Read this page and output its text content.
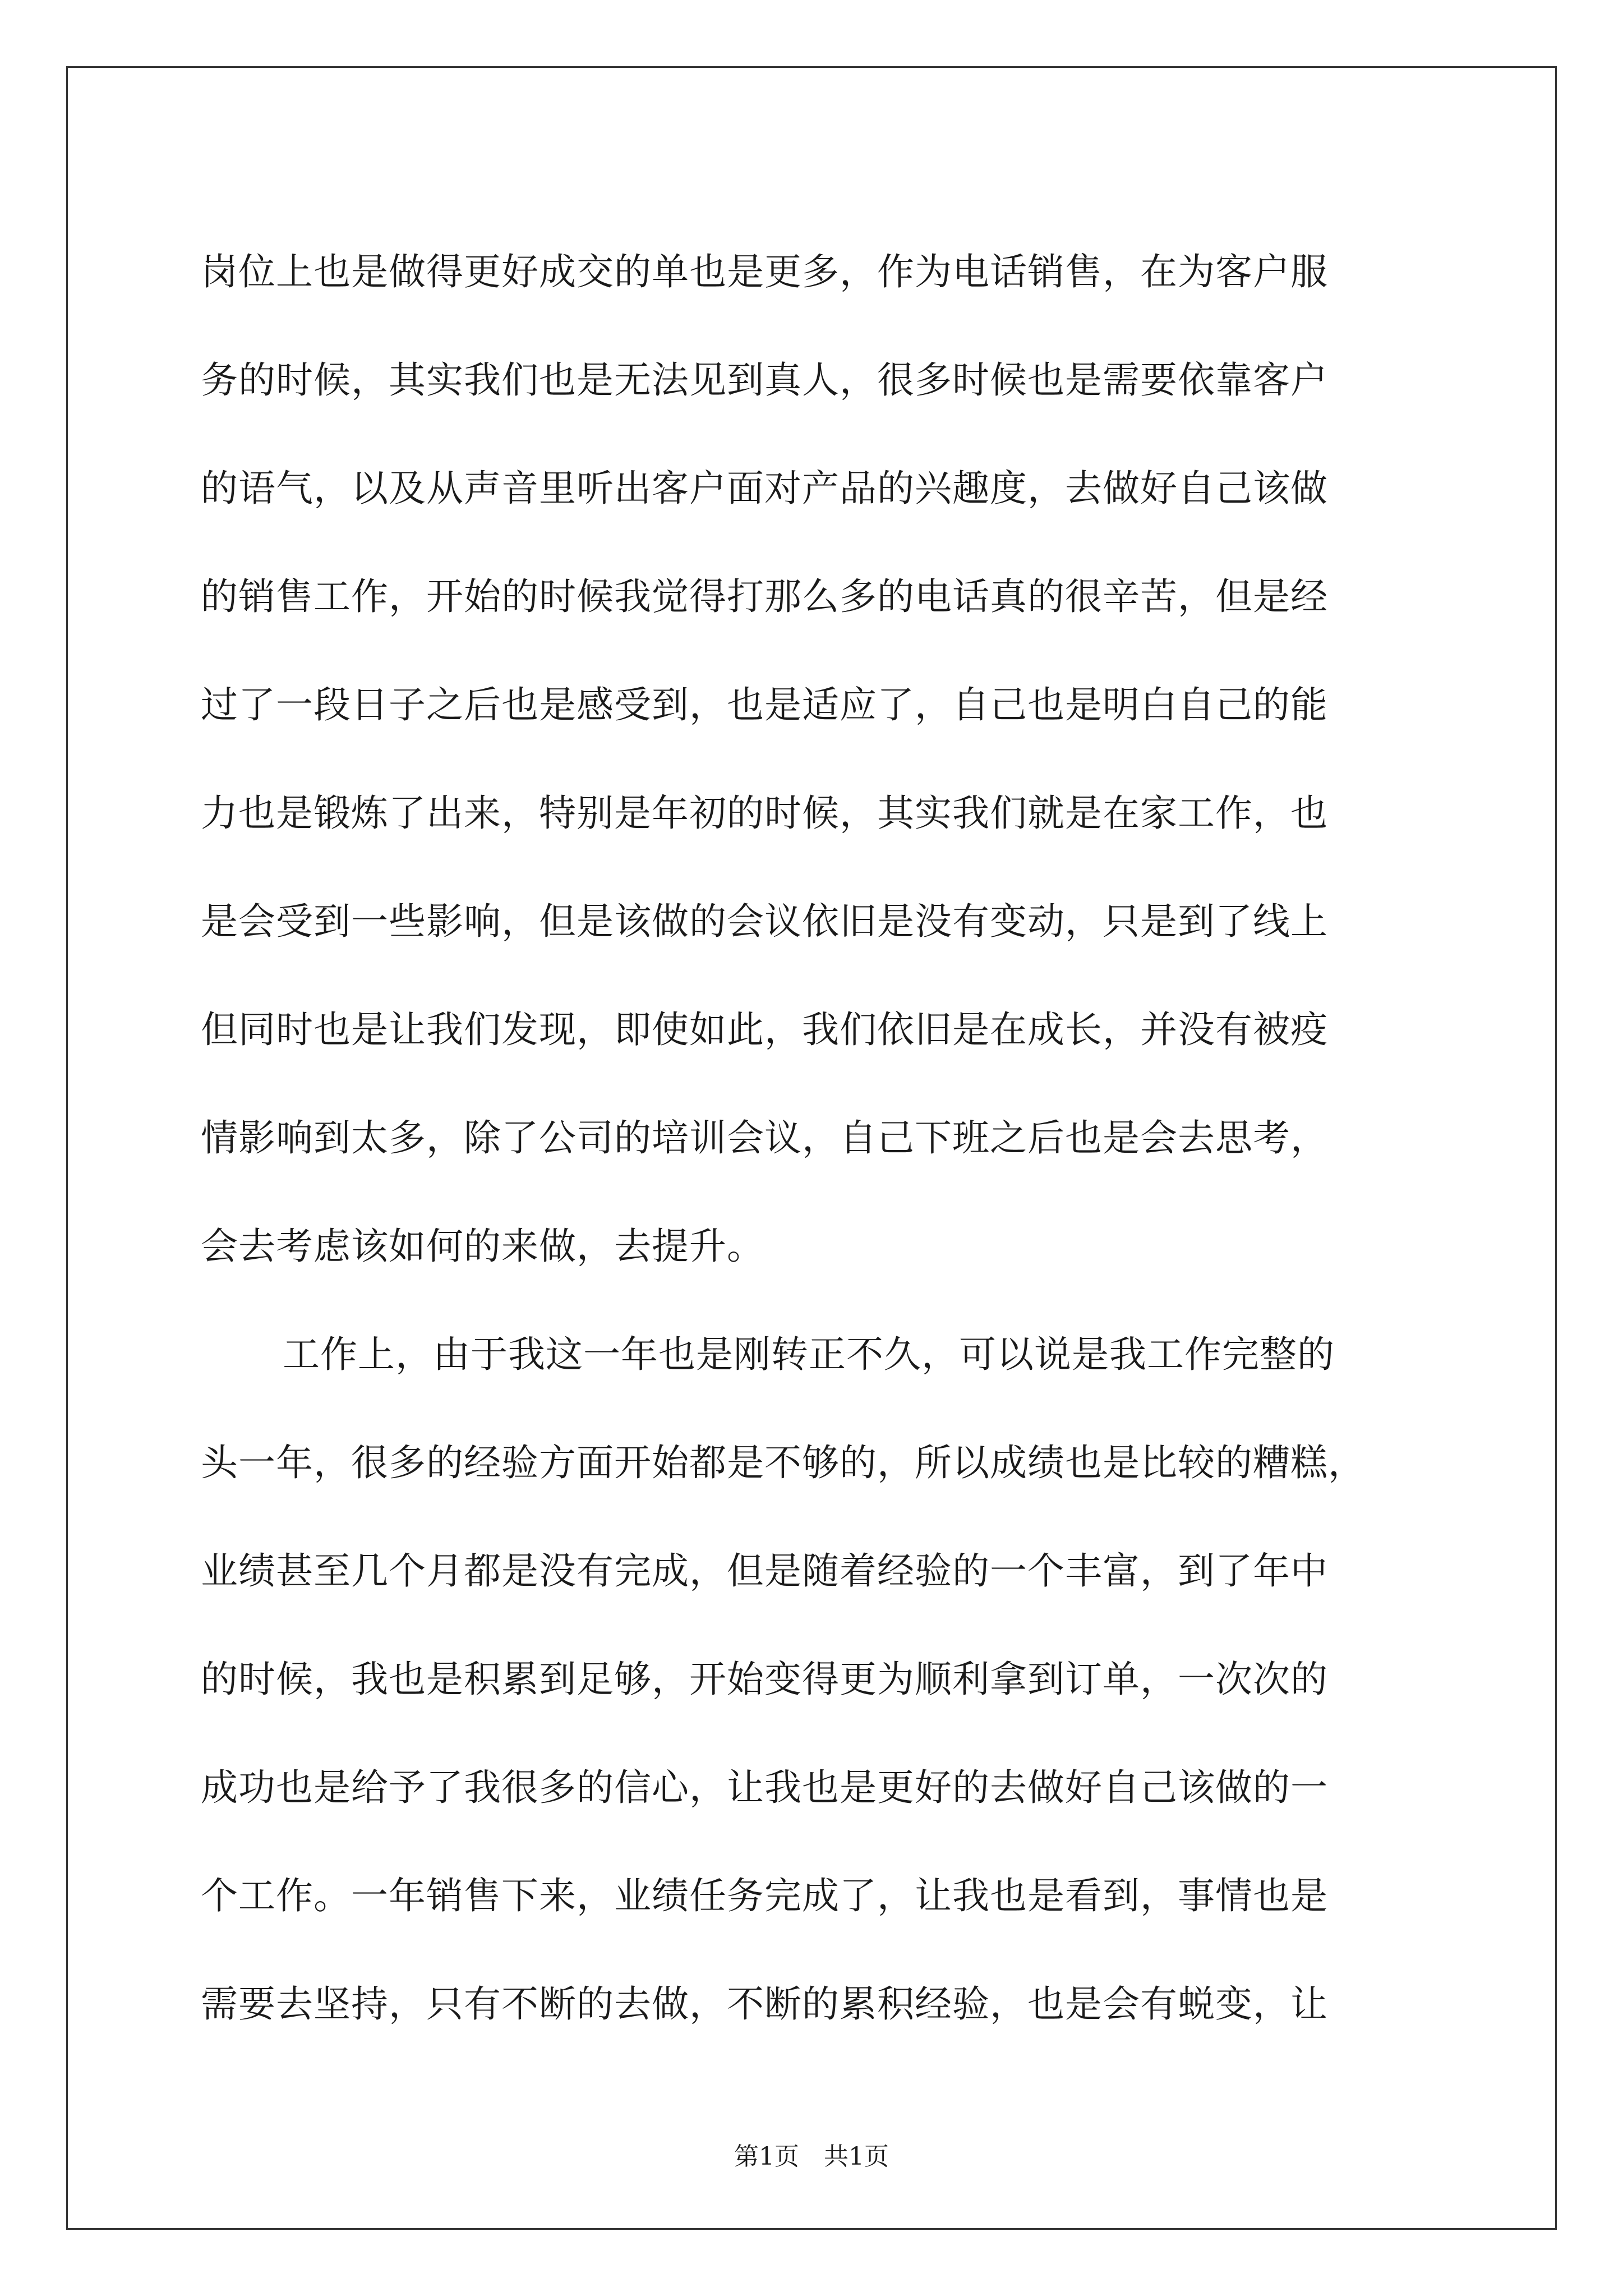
岗位上也是做得更好成交的单也是更多，作为电话销售，在为客户服
务的时候，其实我们也是无法见到真人，很多时候也是需要依靠客户
的语气，以及从声音里听出客户面对产品的兴趣度，去做好自己该做
的销售工作，开始的时候我觉得打那么多的电话真的很辛苦，但是经
过了一段日子之后也是感受到，也是适应了，自己也是明白自己的能
力也是锻炼了出来，特别是年初的时候，其实我们就是在家工作，也
是会受到一些影响，但是该做的会议依旧是没有变动，只是到了线上
但同时也是让我们发现，即使如此，我们依旧是在成长，并没有被疫
情影响到太多，除了公司的培训会议，自己下班之后也是会去思考，
会去考虑该如何的来做，去提升。

工作上，由于我这一年也是刚转正不久，可以说是我工作完整的
头一年，很多的经验方面开始都是不够的，所以成绩也是比较的糟糕，
业绩甚至几个月都是没有完成，但是随着经验的一个丰富，到了年中
的时候，我也是积累到足够，开始变得更为顺利拿到订单，一次次的
成功也是给予了我很多的信心，让我也是更好的去做好自己该做的一
个工作。一年销售下来，业绩任务完成了，让我也是看到，事情也是
需要去坚持，只有不断的去做，不断的累积经验，也是会有蜕变，让

第1页 共1页
